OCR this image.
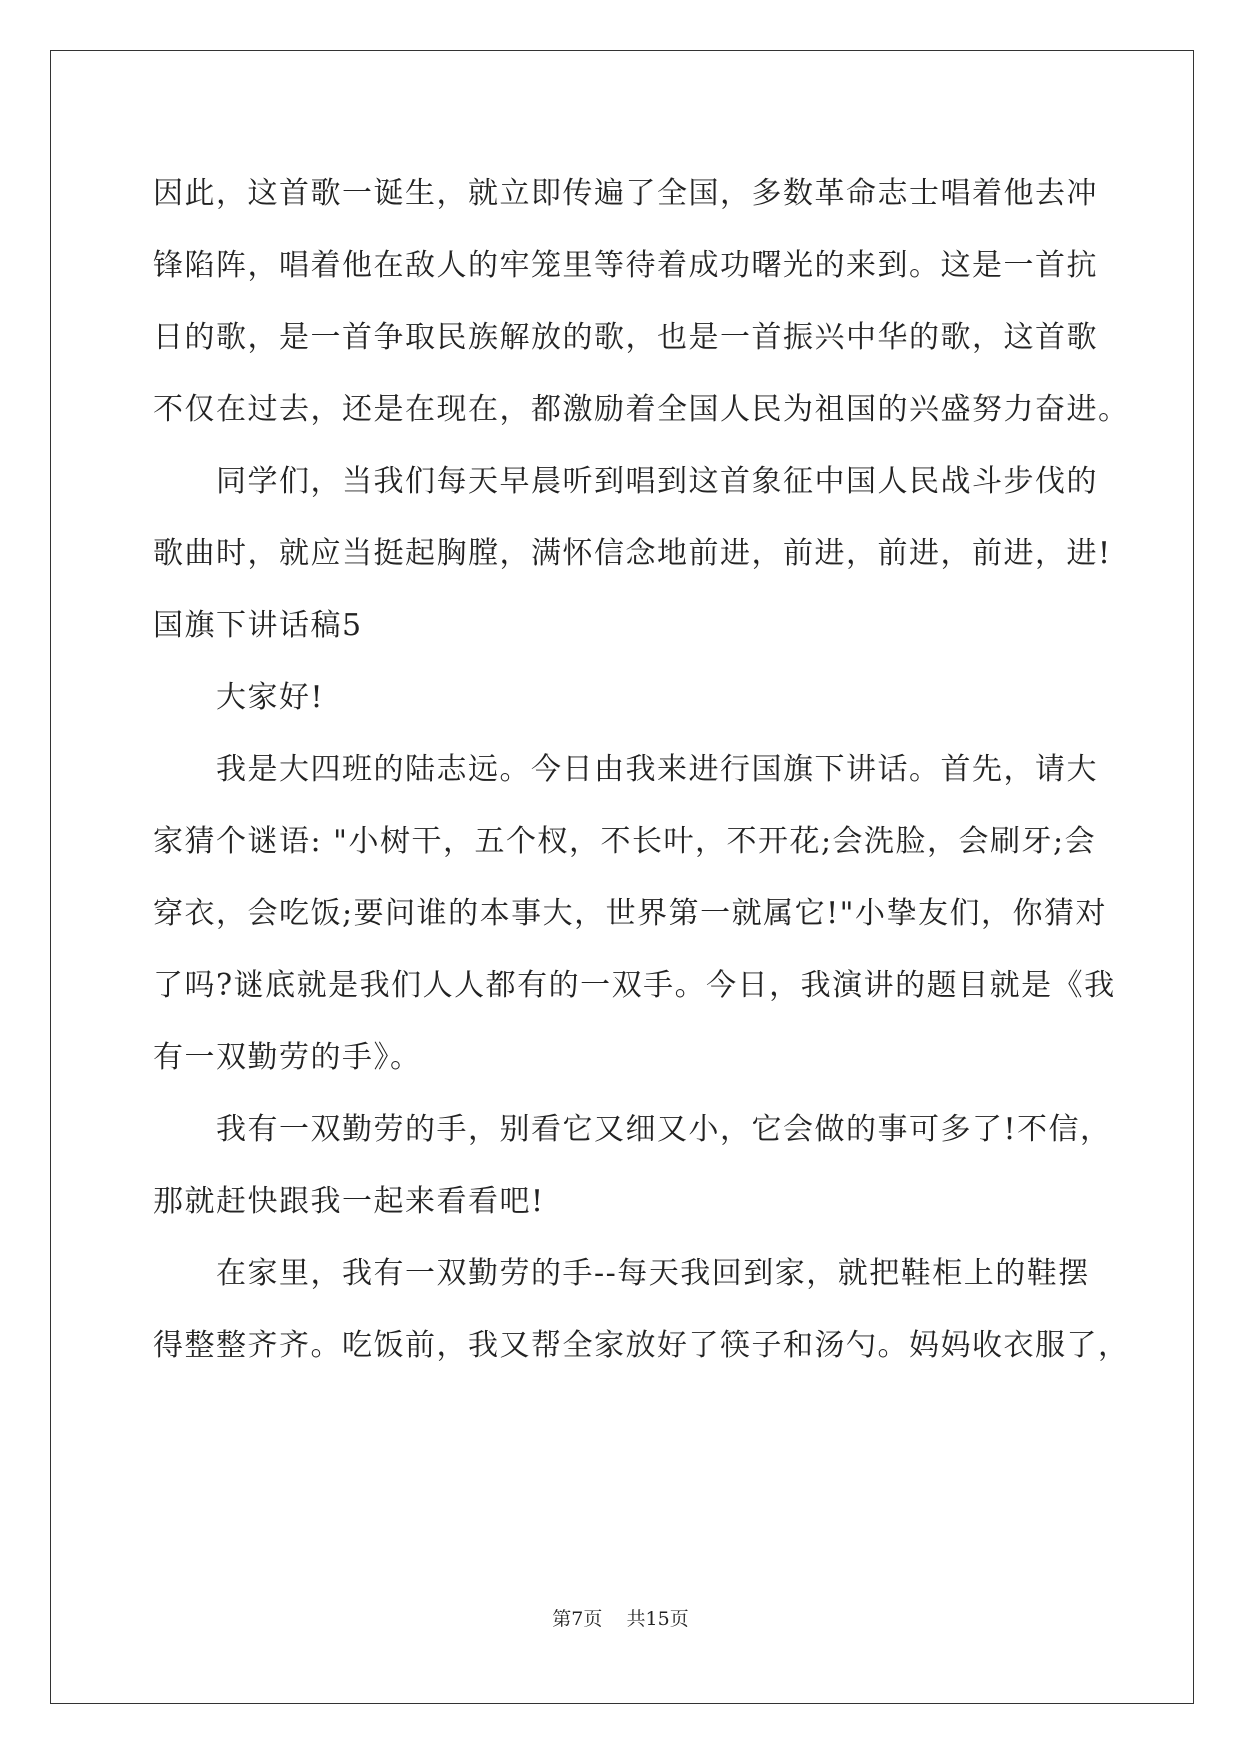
因此，这首歌一诞生，就立即传遍了全国，多数革命志士唱着他去冲
锋陷阵，唱着他在敌人的牢笼里等待着成功曙光的来到。这是一首抗
日的歌，是一首争取民族解放的歌，也是一首振兴中华的歌，这首歌
不仅在过去，还是在现在，都激励着全国人民为祖国的兴盛努力奋进。
同学们，当我们每天早晨听到唱到这首象征中国人民战斗步伐的
歌曲时，就应当挺起胸膛，满怀信念地前进，前进，前进，前进，进!
国旗下讲话稿5
大家好!
我是大四班的陆志远。今日由我来进行国旗下讲话。首先，请大
家猜个谜语: "小树干，五个杈，不长叶，不开花;会洗脸，会刷牙;会
穿衣，会吃饭;要问谁的本事大，世界第一就属它!"小挚友们，你猜对
了吗?谜底就是我们人人都有的一双手。今日，我演讲的题目就是《我
有一双勤劳的手》。
我有一双勤劳的手，别看它又细又小，它会做的事可多了!不信，
那就赶快跟我一起来看看吧!
在家里，我有一双勤劳的手--每天我回到家，就把鞋柜上的鞋摆
得整整齐齐。吃饭前，我又帮全家放好了筷子和汤勺。妈妈收衣服了，
第7页 共15页
